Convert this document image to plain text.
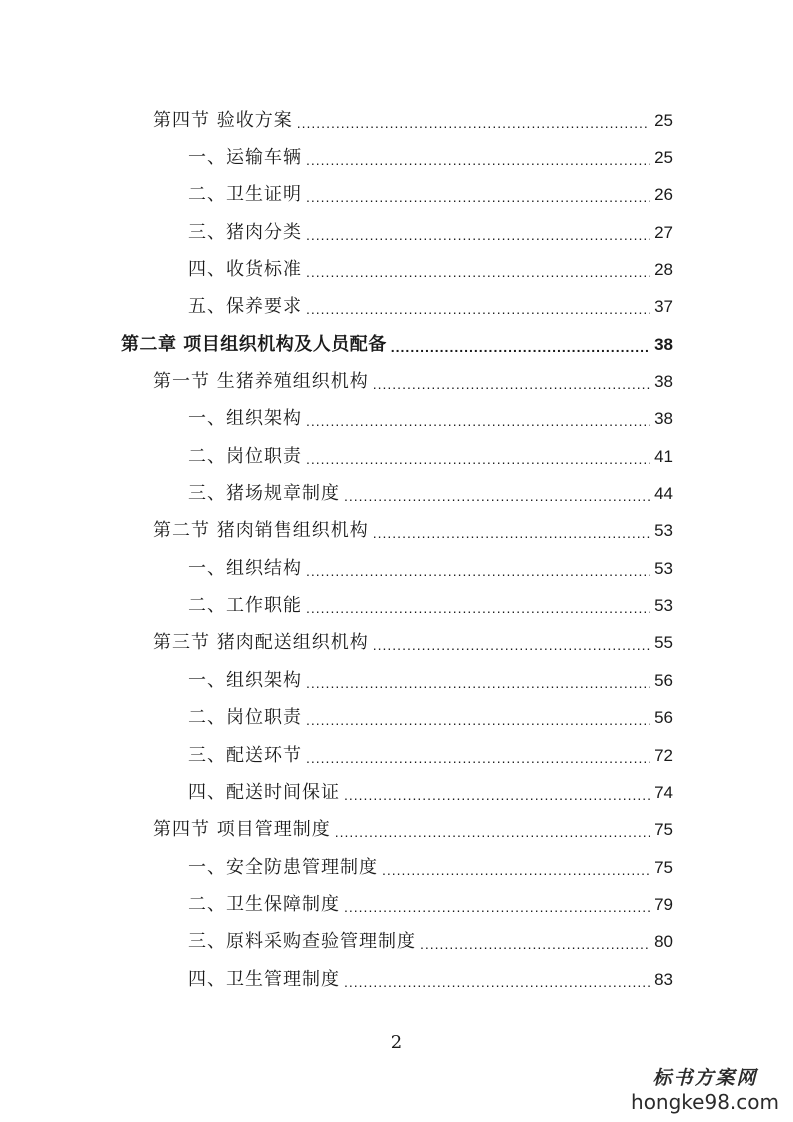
第四节 验收方案 .....	25
一、运输车辆 .....	25
二、卫生证明 .....	26
三、猪肉分类 .....	27
四、收货标准 .....	28
五、保养要求 .....	37
第二章 项目组织机构及人员配备 .....	38
第一节 生猪养殖组织机构 .....	38
一、组织架构 .....	38
二、岗位职责 .....	41
三、猪场规章制度 .....	44
第二节 猪肉销售组织机构 .....	53
一、组织结构 .....	53
二、工作职能 .....	53
第三节 猪肉配送组织机构 .....	55
一、组织架构 .....	56
二、岗位职责 .....	56
三、配送环节 .....	72
四、配送时间保证 .....	74
第四节 项目管理制度 .....	75
一、安全防患管理制度 .....	75
二、卫生保障制度 .....	79
三、原料采购查验管理制度 .....	80
四、卫生管理制度 .....	83
2
标书方案网
hongke98.com
